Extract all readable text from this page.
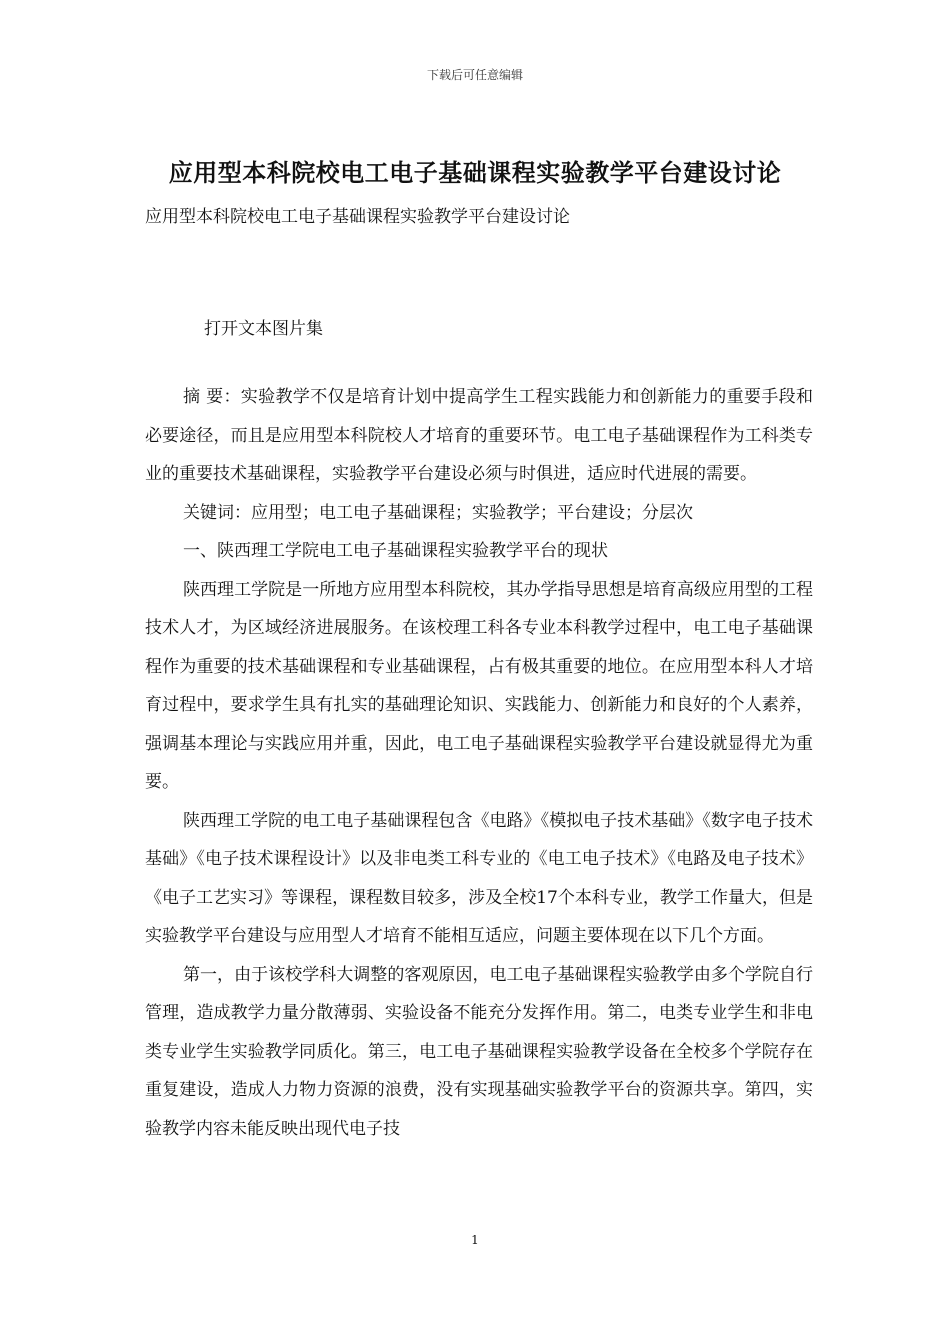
下载后可任意编辑
应用型本科院校电工电子基础课程实验教学平台建设讨论
应用型本科院校电工电子基础课程实验教学平台建设讨论
打开文本图片集

摘 要：实验教学不仅是培育计划中提高学生工程实践能力和创新能力的重要手段和必要途径，而且是应用型本科院校人才培育的重要环节。电工电子基础课程作为工科类专业的重要技术基础课程，实验教学平台建设必须与时俱进，适应时代进展的需要。

关键词：应用型；电工电子基础课程；实验教学；平台建设；分层次

一、陕西理工学院电工电子基础课程实验教学平台的现状

陕西理工学院是一所地方应用型本科院校，其办学指导思想是培育高级应用型的工程技术人才，为区域经济进展服务。在该校理工科各专业本科教学过程中，电工电子基础课程作为重要的技术基础课程和专业基础课程，占有极其重要的地位。在应用型本科人才培育过程中，要求学生具有扎实的基础理论知识、实践能力、创新能力和良好的个人素养，强调基本理论与实践应用并重，因此，电工电子基础课程实验教学平台建设就显得尤为重要。

陕西理工学院的电工电子基础课程包含《电路》《模拟电子技术基础》《数字电子技术基础》《电子技术课程设计》以及非电类工科专业的《电工电子技术》《电路及电子技术》《电子工艺实习》等课程，课程数目较多，涉及全校17个本科专业，教学工作量大，但是实验教学平台建设与应用型人才培育不能相互适应，问题主要体现在以下几个方面。

第一，由于该校学科大调整的客观原因，电工电子基础课程实验教学由多个学院自行管理，造成教学力量分散薄弱、实验设备不能充分发挥作用。第二，电类专业学生和非电类专业学生实验教学同质化。第三，电工电子基础课程实验教学设备在全校多个学院存在重复建设，造成人力物力资源的浪费，没有实现基础实验教学平台的资源共享。第四，实验教学内容未能反映出现代电子技

1
